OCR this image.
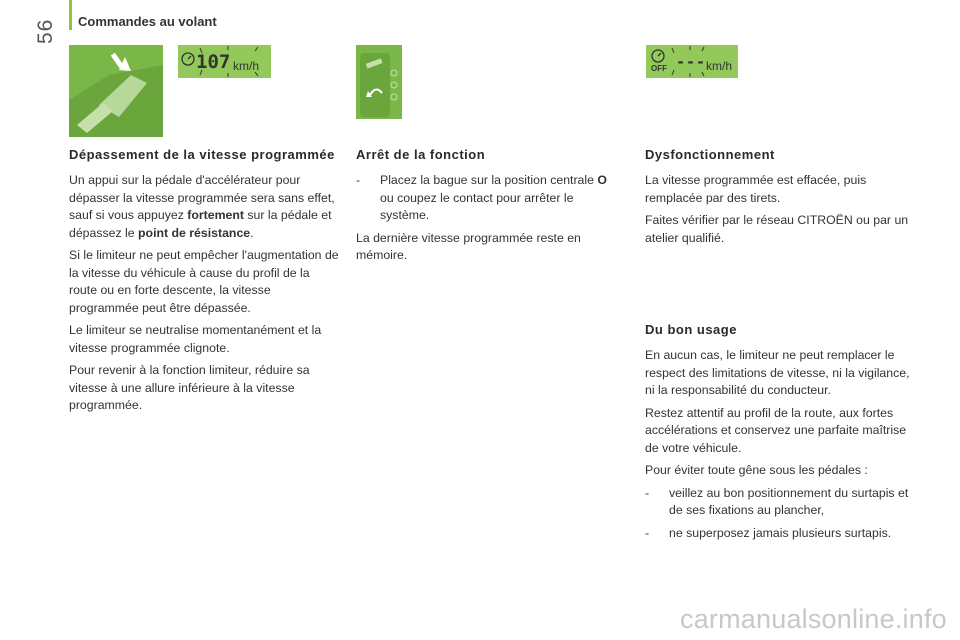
56 Commandes au volant
107 km/h	OFF --- km/h
Dépassement de la vitesse programmée

Un appui sur la pédale d'accélérateur pour dépasser la vitesse programmée sera sans effet, sauf si vous appuyez fortement sur la pédale et dépassez le point de résistance.

Si le limiteur ne peut empêcher l'augmentation de la vitesse du véhicule à cause du profil de la route ou en forte descente, la vitesse programmée peut être dépassée.

Le limiteur se neutralise momentanément et la vitesse programmée clignote.

Pour revenir à la fonction limiteur, réduire sa vitesse à une allure inférieure à la vitesse programmée.

Arrêt de la fonction
-	Placez la bague sur la position centrale O ou coupez le contact pour arrêter le système.

La dernière vitesse programmée reste en mémoire.

Dysfonctionnement

La vitesse programmée est effacée, puis remplacée par des tirets.

Faites vérifier par le réseau CITROËN ou par un atelier qualifié.

Du bon usage

En aucun cas, le limiteur ne peut remplacer le respect des limitations de vitesse, ni la vigilance, ni la responsabilité du conducteur.

Restez attentif au profil de la route, aux fortes accélérations et conservez une parfaite maîtrise de votre véhicule.

Pour éviter toute gêne sous les pédales :

-	veillez au bon positionnement du surtapis et de ses fixations au plancher,
-	ne superposez jamais plusieurs surtapis.
carmanualsonline.info
